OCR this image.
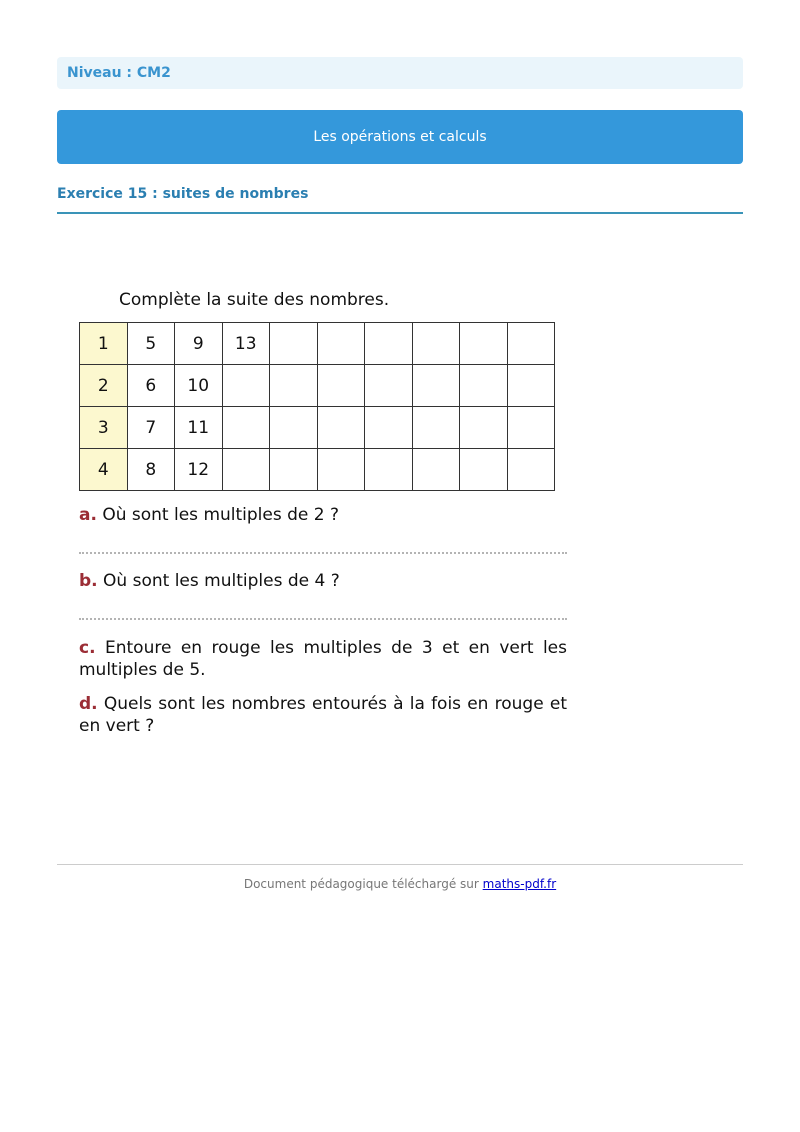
Niveau : CM2
Les opérations et calculs
Exercice 15 : suites de nombres

Complète la suite des nombres.

1	5	9	13						
2	6	10							
3	7	11							
4	8	12							

a. Où sont les multiples de 2 ?

b. Où sont les multiples de 4 ?

c. Entoure en rouge les multiples de 3 et en vert les multiples de 5.

d. Quels sont les nombres entourés à la fois en rouge et en vert ?

Document pédagogique téléchargé sur maths-pdf.fr
